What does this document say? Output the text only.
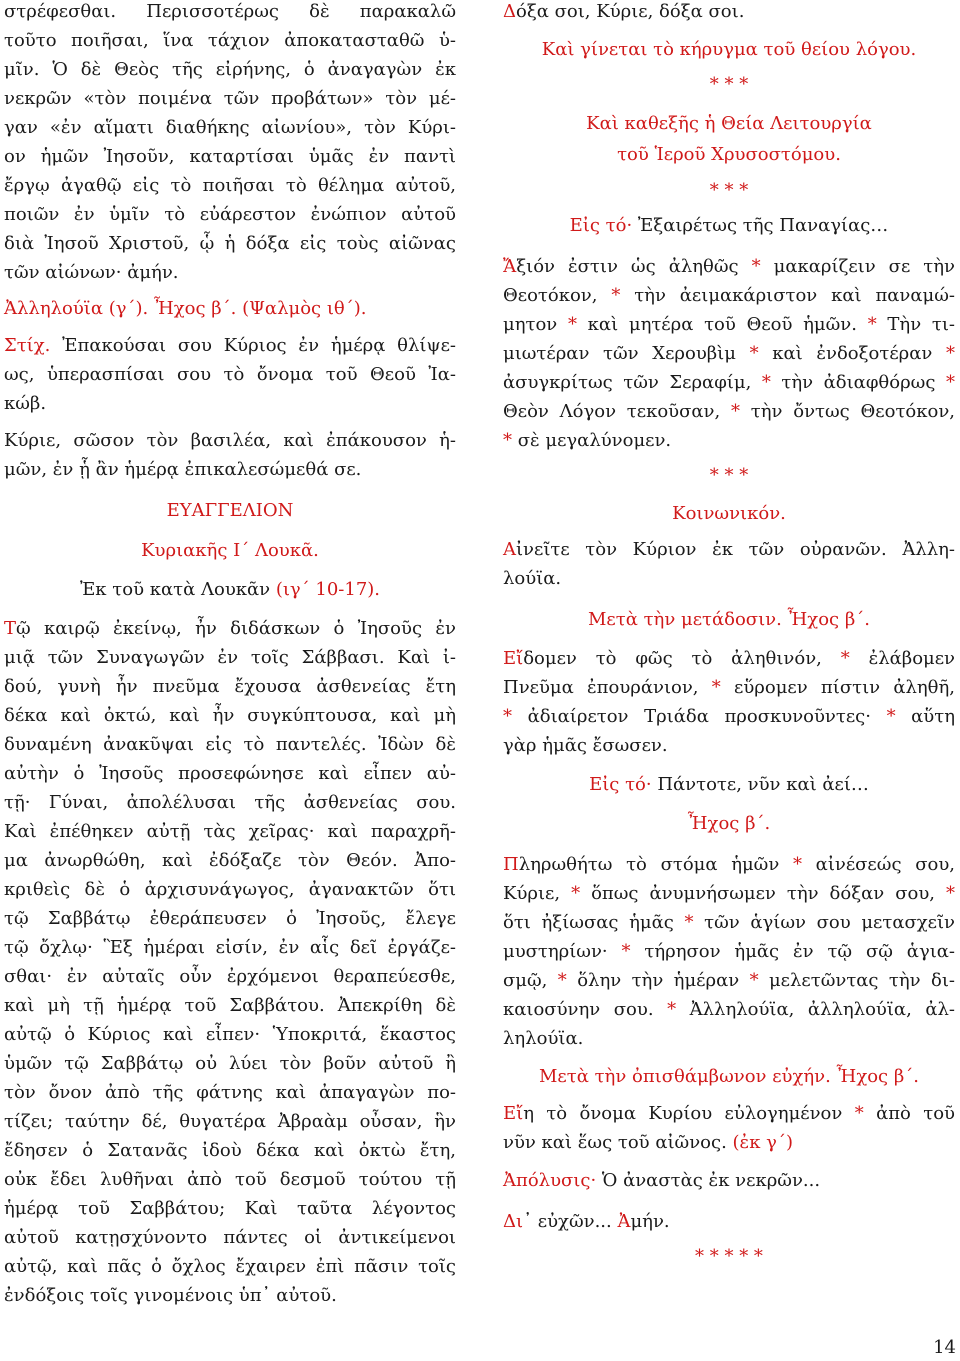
στρέφεσθαι. Περισσοτέρως δὲ παρακαλῶ
τοῦτο ποιῆσαι, ἵνα τάχιον ἀποκατασταθῶ ὑ-
μῖν. Ὁ δὲ Θεὸς τῆς εἰρήνης, ὁ ἀναγαγὼν ἐκ
νεκρῶν «τὸν ποιμένα τῶν προβάτων» τὸν μέ-
γαν «ἐν αἵματι διαθήκης αἰωνίου», τὸν Κύρι-
ον ἡμῶν Ἰησοῦν, καταρτίσαι ὑμᾶς ἐν παντὶ
ἔργῳ ἀγαθῷ εἰς τὸ ποιῆσαι τὸ θέλημα αὐτοῦ,
ποιῶν ἐν ὑμῖν τὸ εὐάρεστον ἐνώπιον αὐτοῦ
διὰ Ἰησοῦ Χριστοῦ, ᾧ ἡ δόξα εἰς τοὺς αἰῶνας
τῶν αἰώνων· ἀμήν.
Ἀλληλούϊα (γ΄). Ἦχος β΄. (Ψαλμὸς ιθ΄).
Στίχ. Ἐπακούσαι σου Κύριος ἐν ἡμέρᾳ θλίψε-
ως, ὑπερασπίσαι σου τὸ ὄνομα τοῦ Θεοῦ Ἰα-
κώβ.
Κύριε, σῶσον τὸν βασιλέα, καὶ ἐπάκουσον ἡ-
μῶν, ἐν ᾗ ἂν ἡμέρᾳ ἐπικαλεσώμεθά σε.
ΕΥΑΓΓΕΛΙΟΝ
Κυριακῆς Ι΄ Λουκᾶ.
Ἐκ τοῦ κατὰ Λουκᾶν (ιγ΄ 10-17).
Τῷ καιρῷ ἐκείνῳ, ἦν διδάσκων ὁ Ἰησοῦς ἐν
μιᾷ τῶν Συναγωγῶν ἐν τοῖς Σάββασι. Καὶ ἰ-
δού, γυνὴ ἦν πνεῦμα ἔχουσα ἀσθενείας ἔτη
δέκα καὶ ὀκτώ, καὶ ἦν συγκύπτουσα, καὶ μὴ
δυναμένη ἀνακῦψαι εἰς τὸ παντελές. Ἰδὼν δὲ
αὐτὴν ὁ Ἰησοῦς προσεφώνησε καὶ εἶπεν αὐ-
τῇ· Γύναι, ἀπολέλυσαι τῆς ἀσθενείας σου.
Καὶ ἐπέθηκεν αὐτῇ τὰς χεῖρας· καὶ παραχρῆ-
μα ἀνωρθώθη, καὶ ἐδόξαζε τὸν Θεόν. Ἀπο-
κριθεὶς δὲ ὁ ἀρχισυνάγωγος, ἀγανακτῶν ὅτι
τῷ Σαββάτῳ ἐθεράπευσεν ὁ Ἰησοῦς, ἔλεγε
τῷ ὄχλῳ· Ἓξ ἡμέραι εἰσίν, ἐν αἷς δεῖ ἐργάζε-
σθαι· ἐν αὐταῖς οὖν ἐρχόμενοι θεραπεύεσθε,
καὶ μὴ τῇ ἡμέρᾳ τοῦ Σαββάτου. Ἀπεκρίθη δὲ
αὐτῷ ὁ Κύριος καὶ εἶπεν· Ὑποκριτά, ἕκαστος
ὑμῶν τῷ Σαββάτῳ οὐ λύει τὸν βοῦν αὐτοῦ ἢ
τὸν ὄνον ἀπὸ τῆς φάτνης καὶ ἀπαγαγὼν πο-
τίζει; ταύτην δέ, θυγατέρα Ἀβραὰμ οὖσαν, ἣν
ἔδησεν ὁ Σατανᾶς ἰδοὺ δέκα καὶ ὀκτὼ ἔτη,
οὐκ ἔδει λυθῆναι ἀπὸ τοῦ δεσμοῦ τούτου τῇ
ἡμέρᾳ τοῦ Σαββάτου; Καὶ ταῦτα λέγοντος
αὐτοῦ κατῃσχύνοντο πάντες οἱ ἀντικείμενοι
αὐτῷ, καὶ πᾶς ὁ ὄχλος ἔχαιρεν ἐπὶ πᾶσιν τοῖς
ἐνδόξοις τοῖς γινομένοις ὑπ᾽ αὐτοῦ.
Δόξα σοι, Κύριε, δόξα σοι.
Καὶ γίνεται τὸ κήρυγμα τοῦ θείου λόγου.
* * *
Καὶ καθεξῆς ἡ Θεία Λειτουργία
τοῦ Ἱεροῦ Χρυσοστόμου.
* * *
Εἰς τό· Ἐξαιρέτως τῆς Παναγίας…
Ἄξιόν ἐστιν ὡς ἀληθῶς * μακαρίζειν σε τὴν
Θεοτόκον, * τὴν ἀειμακάριστον καὶ παναμώ-
μητον * καὶ μητέρα τοῦ Θεοῦ ἡμῶν. * Τὴν τι-
μιωτέραν τῶν Χερουβὶμ * καὶ ἐνδοξοτέραν *
ἀσυγκρίτως τῶν Σεραφίμ, * τὴν ἀδιαφθόρως *
Θεὸν Λόγον τεκοῦσαν, * τὴν ὄντως Θεοτόκον,
* σὲ μεγαλύνομεν.
* * *
Κοινωνικόν.
Αἰνεῖτε τὸν Κύριον ἐκ τῶν οὐρανῶν. Ἀλλη-
λούϊα.
Μετὰ τὴν μετάδοσιν. Ἦχος β΄.
Εἴδομεν τὸ φῶς τὸ ἀληθινόν, * ἐλάβομεν
Πνεῦμα ἐπουράνιον, * εὕρομεν πίστιν ἀληθῆ,
* ἀδιαίρετον Τριάδα προσκυνοῦντες· * αὕτη
γὰρ ἡμᾶς ἔσωσεν.
Εἰς τό· Πάντοτε, νῦν καὶ ἀεί…
Ἦχος β΄.
Πληρωθήτω τὸ στόμα ἡμῶν * αἰνέσεώς σου,
Κύριε, * ὅπως ἀνυμνήσωμεν τὴν δόξαν σου, *
ὅτι ἠξίωσας ἡμᾶς * τῶν ἁγίων σου μετασχεῖν
μυστηρίων· * τήρησον ἡμᾶς ἐν τῷ σῷ ἁγια-
σμῷ, * ὅλην τὴν ἡμέραν * μελετῶντας τὴν δι-
καιοσύνην σου. * Ἀλληλούϊα, ἀλληλούϊα, ἀλ-
ληλούϊα.
Μετὰ τὴν ὀπισθάμβωνον εὐχήν. Ἦχος β΄.
Εἴη τὸ ὄνομα Κυρίου εὐλογημένον * ἀπὸ τοῦ
νῦν καὶ ἕως τοῦ αἰῶνος. (ἐκ γ΄)
Ἀπόλυσις· Ὁ ἀναστὰς ἐκ νεκρῶν...
Δι᾽ εὐχῶν... Ἀμήν.
* * * * *
14
